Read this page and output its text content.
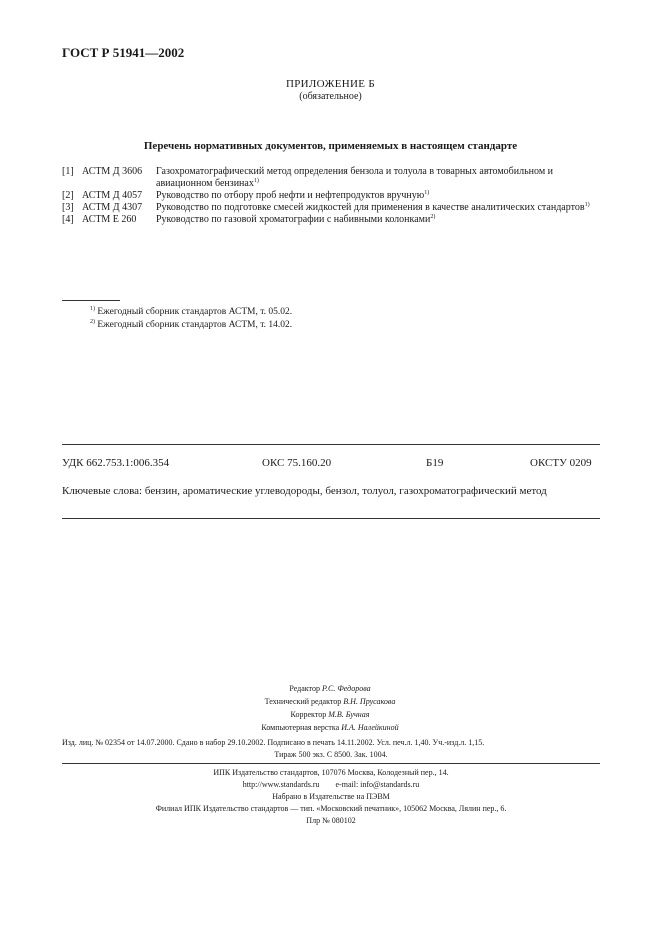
ГОСТ Р 51941—2002
ПРИЛОЖЕНИЕ Б
(обязательное)
Перечень нормативных документов, применяемых в настоящем стандарте
[1] АСТМ Д 3606 Газохроматографический метод определения бензола и толуола в товарных автомобильном и авиационном бензинах$^{1)}$
[2] АСТМ Д 4057 Руководство по отбору проб нефти и нефтепродуктов вручную$^{1)}$
[3] АСТМ Д 4307 Руководство по подготовке смесей жидкостей для применения в качестве аналитических стандартов$^{1)}$
[4] АСТМ Е 260 Руководство по газовой хроматографии с набивными колонками$^{2)}$
$^{1)}$ Ежегодный сборник стандартов АСТМ, т. 05.02.
$^{2)}$ Ежегодный сборник стандартов АСТМ, т. 14.02.
УДК 662.753.1:006.354	ОКС 75.160.20	Б19	ОКСТУ 0209
Ключевые слова: бензин, ароматические углеводороды, бензол, толуол, газохроматографический метод
Редактор Р.С. Федорова
Технический редактор В.Н. Прусакова
Корректор М.В. Бучная
Компьютерная верстка И.А. Налейкиной
Изд. лиц. № 02354 от 14.07.2000. Сдано в набор 29.10.2002. Подписано в печать 14.11.2002. Усл. печ.л. 1,40. Уч.-изд.л. 1,15.
Тираж 500 экз. С 8500. Зак. 1004.
ИПК Издательство стандартов, 107076 Москва, Колодезный пер., 14.
http://www.standards.ru        e-mail: info@standards.ru
Набрано в Издательстве на ПЭВМ
Филиал ИПК Издательство стандартов — тип. «Московский печатник», 105062 Москва, Лялин пер., 6.
Плр № 080102
